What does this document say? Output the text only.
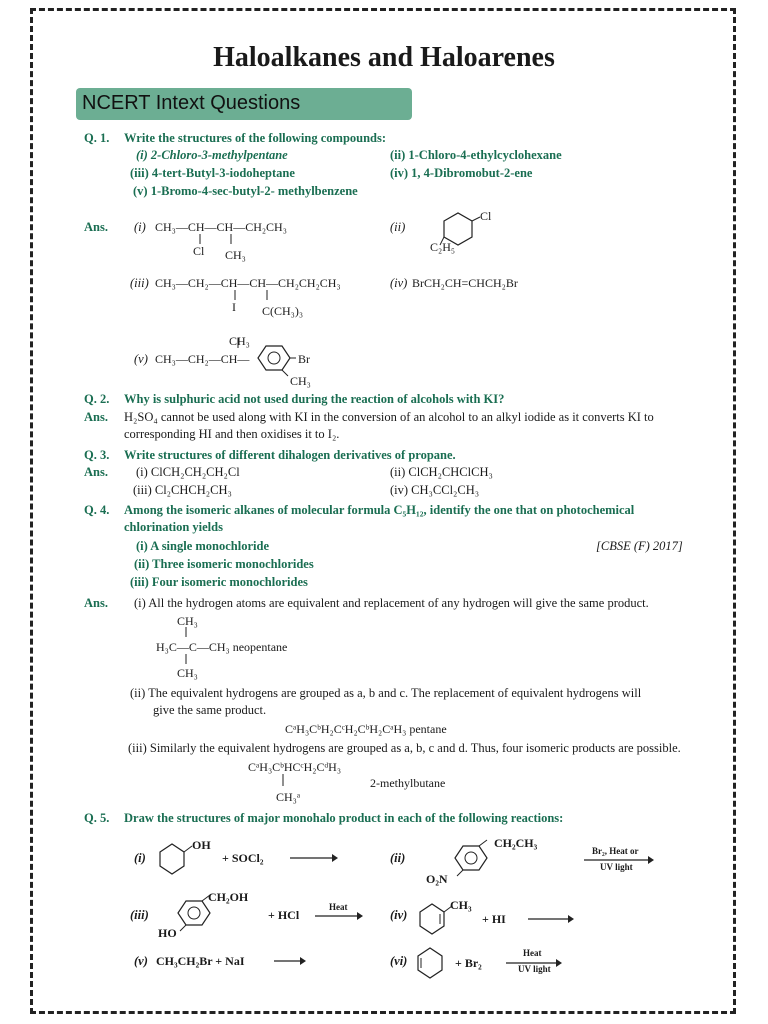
Haloalkanes and Haloarenes
NCERT Intext Questions
Q. 1. Write the structures of the following compounds:
(i) 2-Chloro-3-methylpentane	(ii) 1-Chloro-4-ethylcyclohexane
(iii) 4-tert-Butyl-3-iodoheptane	(iv) 1, 4-Dibromobut-2-ene
(v) 1-Bromo-4-sec-butyl-2- methylbenzene
Ans. (i) CH₃—CH—CH—CH₂CH₃
Cl CH₃
(ii)
Cl
C₂H₅
(iii) CH₃—CH₂—CH—CH—CH₂CH₂CH₃
I C(CH₃)₃
(iv) BrCH₂CH=CHCH₂Br
CH₃
(v) CH₃—CH₂—CH—	Br
CH₃
Q. 2. Why is sulphuric acid not used during the reaction of alcohols with KI?
Ans. H₂SO₄ cannot be used along with KI in the conversion of an alcohol to an alkyl iodide as it converts KI to
corresponding HI and then oxidises it to I₂.
Q. 3. Write structures of different dihalogen derivatives of propane.
Ans. (i) ClCH₂CH₂CH₂Cl	(ii) ClCH₂CHClCH₃
(iii) Cl₂CHCH₂CH₃	(iv) CH₃CCl₂CH₃
Q. 4. Among the isomeric alkanes of molecular formula C₅H₁₂, identify the one that on photochemical
chlorination yields
(i) A single monochloride	[CBSE (F) 2017]
(ii) Three isomeric monochlorides
(iii) Four isomeric monochlorides
Ans. (i) All the hydrogen atoms are equivalent and replacement of any hydrogen will give the same product.
CH₃
H₃C—C—CH₃ neopentane
CH₃
(ii) The equivalent hydrogens are grouped as a, b and c. The replacement of equivalent hydrogens will
give the same product.
CᵃH₃CᵇH₂CᶜH₂CᵇH₂CᵃH₃ pentane
(iii) Similarly the equivalent hydrogens are grouped as a, b, c and d. Thus, four isomeric products are possible.
CᵃH₃CᵇHCᶜH₂CᵈH₃
2-methylbutane
CH₃ᵃ
Q. 5. Draw the structures of major monohalo product in each of the following reactions:
(i)
OH
+ SOCl₂	(ii)
CH₂CH₃
O₂N
Br₂, Heat or
UV light
(iii)
CH₂OH
HO
+ HCl
Heat
(iv)
CH₃
+ HI
(v) CH₃CH₂Br + NaI	(vi)	+ Br₂
Heat
UV light
